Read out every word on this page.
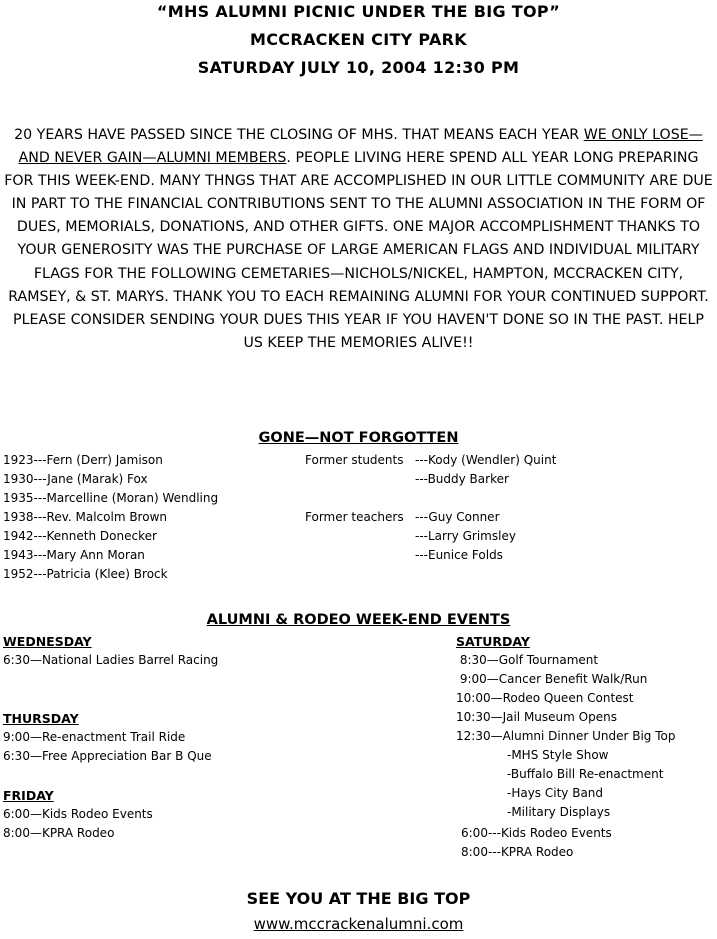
“MHS ALUMNI PICNIC UNDER THE BIG TOP”
MCCRACKEN CITY PARK
SATURDAY JULY 10, 2004 12:30 PM
20 YEARS HAVE PASSED SINCE THE CLOSING OF MHS. THAT MEANS EACH YEAR WE ONLY LOSE—AND NEVER GAIN—ALUMNI MEMBERS. PEOPLE LIVING HERE SPEND ALL YEAR LONG PREPARING FOR THIS WEEK-END. MANY THNGS THAT ARE ACCOMPLISHED IN OUR LITTLE COMMUNITY ARE DUE IN PART TO THE FINANCIAL CONTRIBUTIONS SENT TO THE ALUMNI ASSOCIATION IN THE FORM OF DUES, MEMORIALS, DONATIONS, AND OTHER GIFTS. ONE MAJOR ACCOMPLISHMENT THANKS TO YOUR GENEROSITY WAS THE PURCHASE OF LARGE AMERICAN FLAGS AND INDIVIDUAL MILITARY FLAGS FOR THE FOLLOWING CEMETARIES—NICHOLS/NICKEL, HAMPTON, MCCRACKEN CITY, RAMSEY, & ST. MARYS. THANK YOU TO EACH REMAINING ALUMNI FOR YOUR CONTINUED SUPPORT. PLEASE CONSIDER SENDING YOUR DUES THIS YEAR IF YOU HAVEN'T DONE SO IN THE PAST. HELP US KEEP THE MEMORIES ALIVE!!
GONE—NOT FORGOTTEN
1923---Fern (Derr) Jamison
1930---Jane (Marak) Fox
1935---Marcelline (Moran) Wendling
1938---Rev. Malcolm Brown
1942---Kenneth Donecker
1943---Mary Ann Moran
1952---Patricia (Klee) Brock
Former students ---Kody (Wendler) Quint
---Buddy Barker
Former teachers ---Guy Conner
---Larry Grimsley
---Eunice Folds
ALUMNI & RODEO WEEK-END EVENTS
WEDNESDAY
6:30—National Ladies Barrel Racing
THURSDAY
9:00—Re-enactment Trail Ride
6:30—Free Appreciation Bar B Que
FRIDAY
6:00—Kids Rodeo Events
8:00—KPRA Rodeo
SATURDAY
8:30—Golf Tournament
9:00—Cancer Benefit Walk/Run
10:00—Rodeo Queen Contest
10:30—Jail Museum Opens
12:30—Alumni Dinner Under Big Top
-MHS Style Show
-Buffalo Bill Re-enactment
-Hays City Band
-Military Displays
6:00---Kids Rodeo Events
8:00---KPRA Rodeo
SEE YOU AT THE BIG TOP
www.mccrackenalumni.com
